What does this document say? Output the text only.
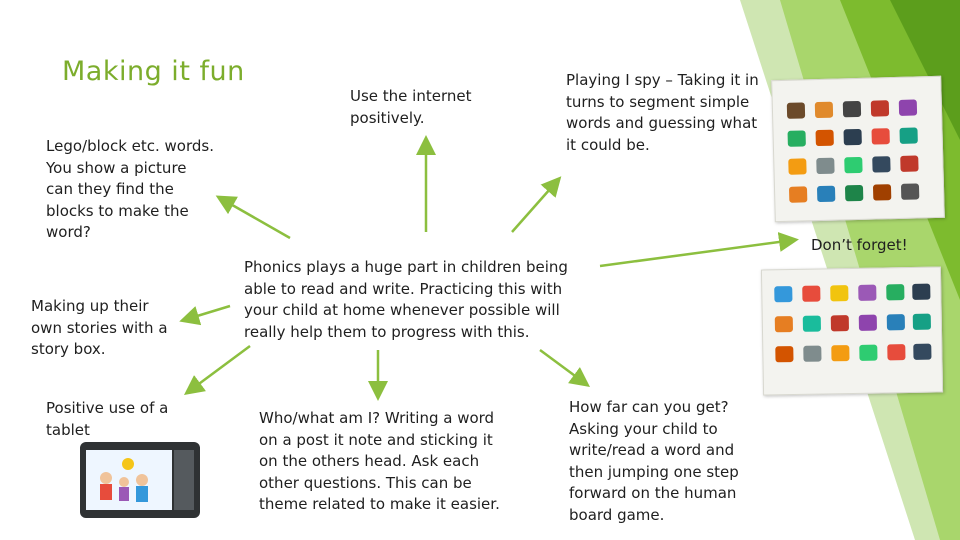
Making it fun
Use the internet positively.
Playing I spy – Taking it in turns to segment simple words and guessing what it could be.
Lego/block etc. words. You show a picture can they find the blocks to make the word?
Making up their own stories with a story box.
Positive use of a tablet
Phonics plays a huge part in children being able to read and write. Practicing this with your child at home whenever possible will really help them to progress with this.
Who/what am I? Writing a word on a post it note and sticking it on the others head. Ask each other questions. This can be theme related to make it easier.
How far can you get? Asking your child to write/read a word and then jumping one step forward on the human board game.
Don’t forget!
